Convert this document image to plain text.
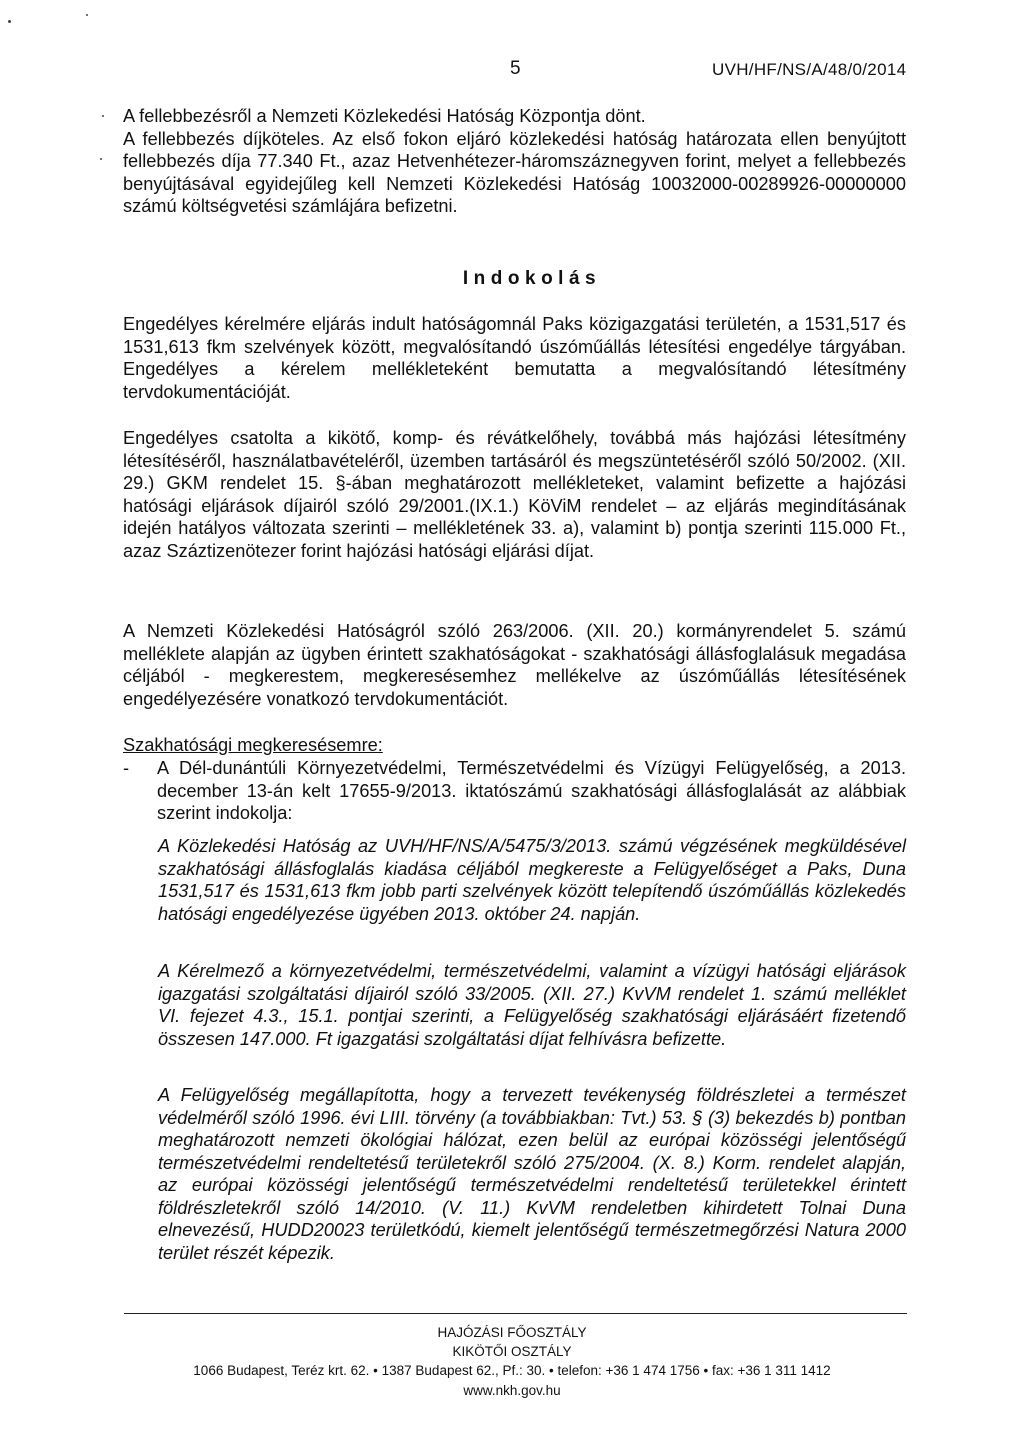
5	UVH/HF/NS/A/48/0/2014

A fellebbezésről a Nemzeti Közlekedési Hatóság Központja dönt.

A fellebbezés díjköteles. Az első fokon eljáró közlekedési hatóság határozata ellen benyújtott fellebbezés díja 77.340 Ft., azaz Hetvenhétezer-háromszáznegyven forint, melyet a fellebbezés benyújtásával egyidejűleg kell Nemzeti Közlekedési Hatóság 10032000-00289926-00000000 számú költségvetési számlájára befizetni.

Indokolás

Engedélyes kérelmére eljárás indult hatóságomnál Paks közigazgatási területén, a 1531,517 és 1531,613 fkm szelvények között, megvalósítandó úszóműállás létesítési engedélye tárgyában. Engedélyes a kérelem mellékleteként bemutatta a megvalósítandó létesítmény tervdokumentációját.

Engedélyes csatolta a kikötő, komp- és révátkelőhely, továbbá más hajózási létesítmény létesítéséről, használatbavételéről, üzemben tartásáról és megszüntetéséről szóló 50/2002. (XII. 29.) GKM rendelet 15. §-ában meghatározott mellékleteket, valamint befizette a hajózási hatósági eljárások díjairól szóló 29/2001.(IX.1.) KöViM rendelet – az eljárás megindításának idején hatályos változata szerinti – mellékletének 33. a), valamint b) pontja szerinti 115.000 Ft., azaz Száztizenötezer forint hajózási hatósági eljárási díjat.

A Nemzeti Közlekedési Hatóságról szóló 263/2006. (XII. 20.) kormányrendelet 5. számú melléklete alapján az ügyben érintett szakhatóságokat - szakhatósági állásfoglalásuk megadása céljából - megkerestem, megkeresésemhez mellékelve az úszóműállás létesítésének engedélyezésére vonatkozó tervdokumentációt.

Szakhatósági megkeresésemre:
-	A Dél-dunántúli Környezetvédelmi, Természetvédelmi és Vízügyi Felügyelőség, a 2013. december 13-án kelt 17655-9/2013. iktatószámú szakhatósági állásfoglalását az alábbiak szerint indokolja:

A Közlekedési Hatóság az UVH/HF/NS/A/5475/3/2013. számú végzésének megküldésével szakhatósági állásfoglalás kiadása céljából megkereste a Felügyelőséget a Paks, Duna 1531,517 és 1531,613 fkm jobb parti szelvények között telepítendő úszóműállás közlekedés hatósági engedélyezése ügyében 2013. október 24. napján.

A Kérelmező a környezetvédelmi, természetvédelmi, valamint a vízügyi hatósági eljárások igazgatási szolgáltatási díjairól szóló 33/2005. (XII. 27.) KvVM rendelet 1. számú melléklet VI. fejezet 4.3., 15.1. pontjai szerinti, a Felügyelőség szakhatósági eljárásáért fizetendő összesen 147.000. Ft igazgatási szolgáltatási díjat felhívásra befizette.

A Felügyelőség megállapította, hogy a tervezett tevékenység földrészletei a természet védelméről szóló 1996. évi LIII. törvény (a továbbiakban: Tvt.) 53. § (3) bekezdés b) pontban meghatározott nemzeti ökológiai hálózat, ezen belül az európai közösségi jelentőségű természetvédelmi rendeltetésű területekről szóló 275/2004. (X. 8.) Korm. rendelet alapján, az európai közösségi jelentőségű természetvédelmi rendeltetésű területekkel érintett földrészletekről szóló 14/2010. (V. 11.) KvVM rendeletben kihirdetett Tolnai Duna elnevezésű, HUDD20023 területkódú, kiemelt jelentőségű természetmegőrzési Natura 2000 terület részét képezik.

HAJÓZÁSI FŐOSZTÁLY
KIKÖTŐI OSZTÁLY
1066 Budapest, Teréz krt. 62. • 1387 Budapest 62., Pf.: 30. • telefon: +36 1 474 1756 • fax: +36 1 311 1412
www.nkh.gov.hu
